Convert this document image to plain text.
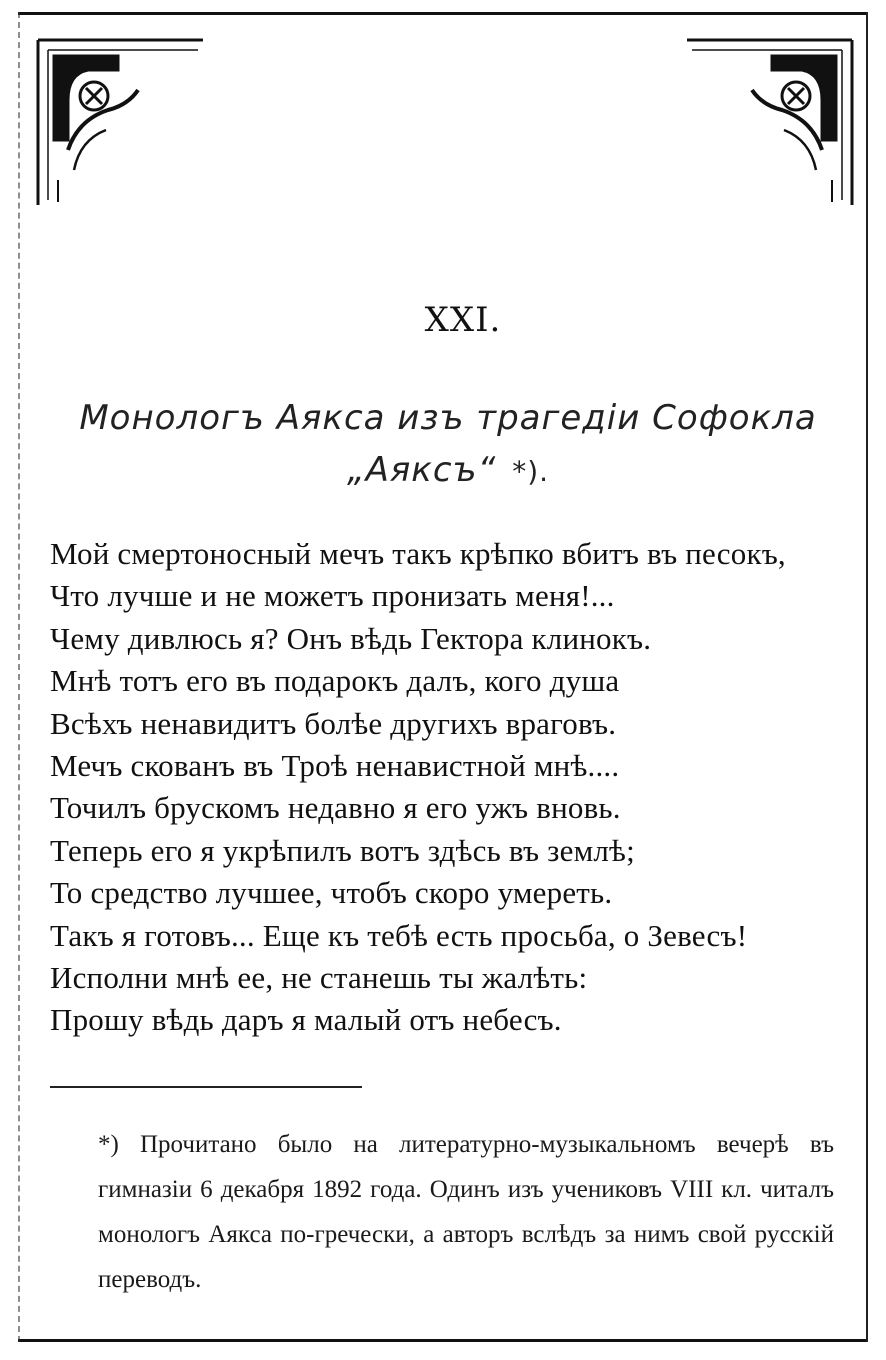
XXI.
Монологъ Аякса изъ трагедіи Софокла
„Аяксъ“ *).
Мой смертоносный мечъ такъ крѣпко вбитъ въ песокъ,
Что лучше и не можетъ пронизать меня!...
Чему дивлюсь я? Онъ вѣдь Гектора клинокъ.
Мнѣ тотъ его въ подарокъ далъ, кого душа
Всѣхъ ненавидитъ болѣе другихъ враговъ.
Мечъ скованъ въ Троѣ ненавистной мнѣ....
Точилъ брускомъ недавно я его ужъ вновь.
Теперь его я укрѣпилъ вотъ здѣсь въ землѣ;
То средство лучшее, чтобъ скоро умереть.
Такъ я готовъ... Еще къ тебѣ есть просьба, о Зевесъ!
Исполни мнѣ ее, не станешь ты жалѣть:
Прошу вѣдь даръ я малый отъ небесъ.

*) Прочитано было на литературно-музыкальномъ вечерѣ въ гимназіи 6 декабря 1892 года. Одинъ изъ учениковъ VIII кл. читалъ монологъ Аякса по-гречески, а авторъ вслѣдъ за нимъ свой русскій переводъ.
